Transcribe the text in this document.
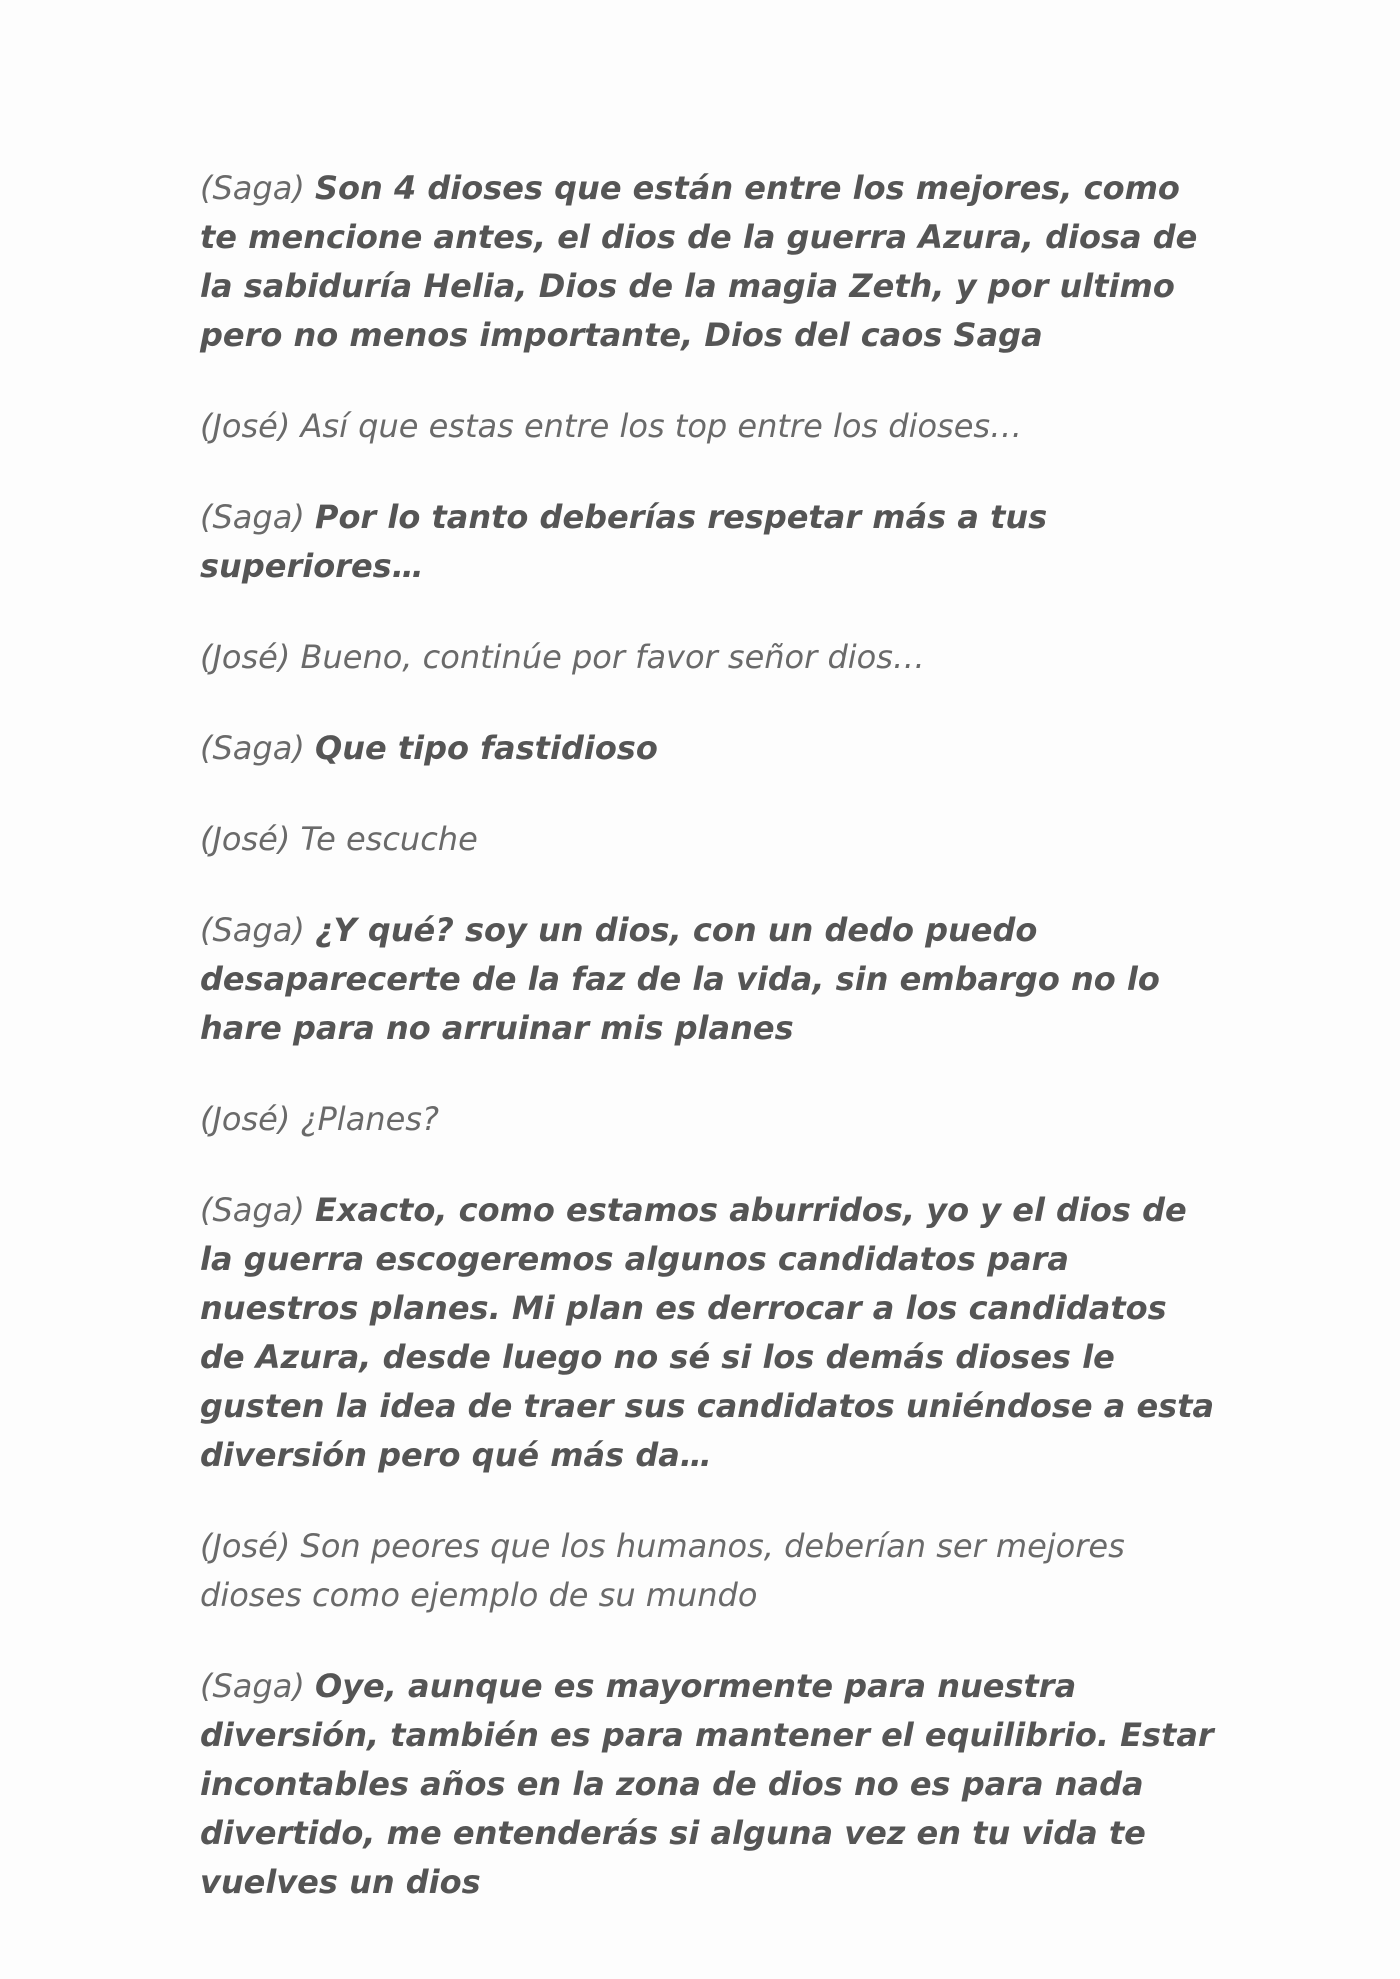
(Saga) Son 4 dioses que están entre los mejores, como te mencione antes, el dios de la guerra Azura, diosa de la sabiduría Helia, Dios de la magia Zeth, y por ultimo pero no menos importante, Dios del caos Saga

(José) Así que estas entre los top entre los dioses…

(Saga) Por lo tanto deberías respetar más a tus superiores…

(José) Bueno, continúe por favor señor dios…

(Saga) Que tipo fastidioso

(José) Te escuche

(Saga) ¿Y qué? soy un dios, con un dedo puedo desaparecerte de la faz de la vida, sin embargo no lo hare para no arruinar mis planes

(José) ¿Planes?

(Saga) Exacto, como estamos aburridos, yo y el dios de la guerra escogeremos algunos candidatos para nuestros planes. Mi plan es derrocar a los candidatos de Azura, desde luego no sé si los demás dioses le gusten la idea de traer sus candidatos uniéndose a esta diversión pero qué más da…

(José) Son peores que los humanos, deberían ser mejores dioses como ejemplo de su mundo

(Saga) Oye, aunque es mayormente para nuestra diversión, también es para mantener el equilibrio. Estar incontables años en la zona de dios no es para nada divertido, me entenderás si alguna vez en tu vida te vuelves un dios
